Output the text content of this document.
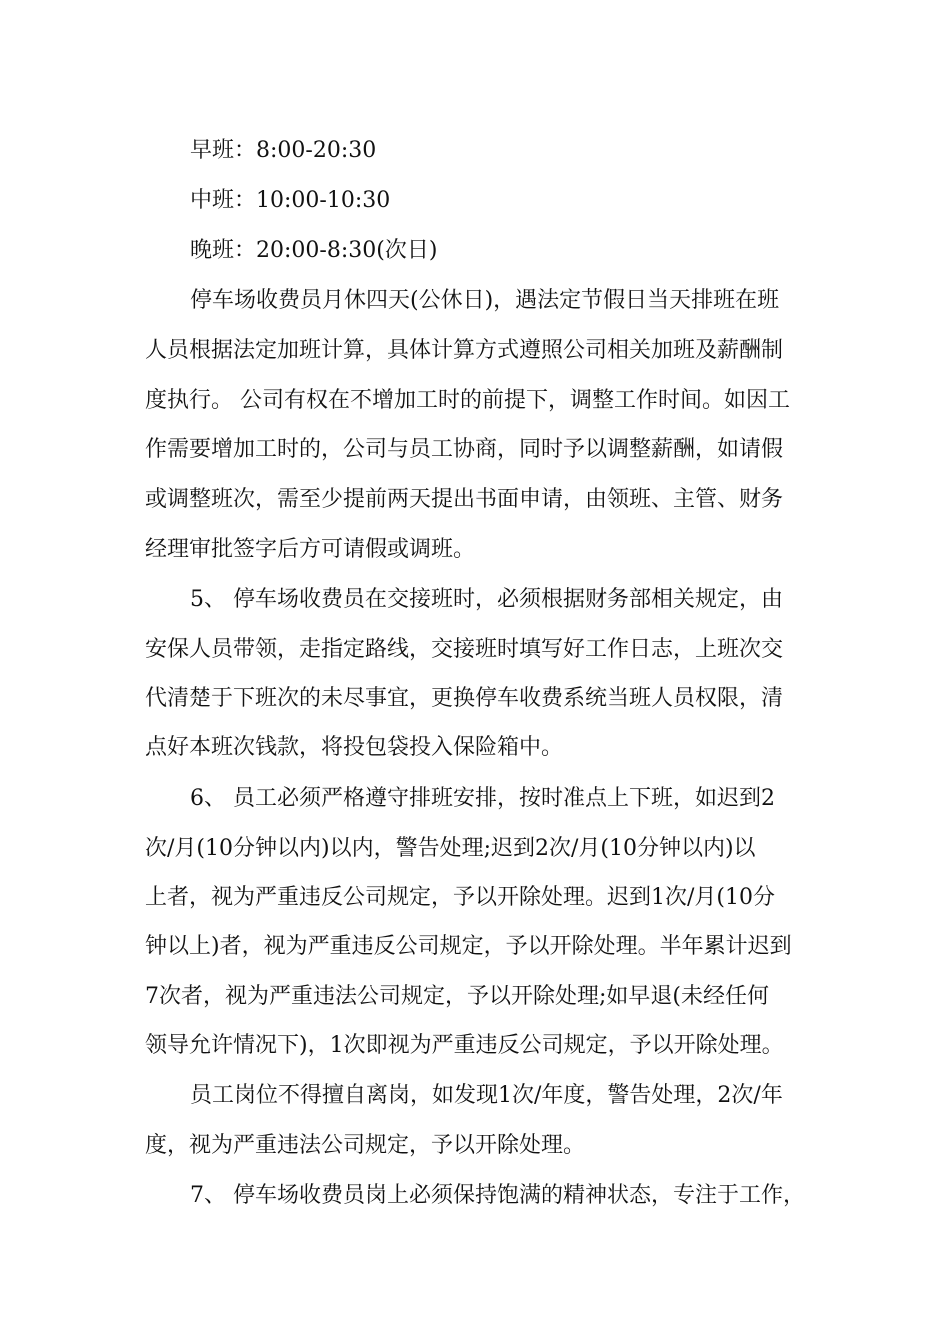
早班：8:00-20:30
中班：10:00-10:30
晚班：20:00-8:30(次日)
停车场收费员月休四天(公休日)，遇法定节假日当天排班在班
人员根据法定加班计算，具体计算方式遵照公司相关加班及薪酬制
度执行。 公司有权在不增加工时的前提下，调整工作时间。如因工
作需要增加工时的，公司与员工协商，同时予以调整薪酬，如请假
或调整班次，需至少提前两天提出书面申请，由领班、主管、财务
经理审批签字后方可请假或调班。
5、 停车场收费员在交接班时，必须根据财务部相关规定，由
安保人员带领，走指定路线，交接班时填写好工作日志，上班次交
代清楚于下班次的未尽事宜，更换停车收费系统当班人员权限，清
点好本班次钱款，将投包袋投入保险箱中。
6、 员工必须严格遵守排班安排，按时准点上下班，如迟到2
次/月(10分钟以内)以内，警告处理;迟到2次/月(10分钟以内)以
上者，视为严重违反公司规定，予以开除处理。迟到1次/月(10分
钟以上)者，视为严重违反公司规定，予以开除处理。半年累计迟到
7次者，视为严重违法公司规定，予以开除处理;如早退(未经任何
领导允许情况下)，1次即视为严重违反公司规定，予以开除处理。
员工岗位不得擅自离岗，如发现1次/年度，警告处理，2次/年
度，视为严重违法公司规定，予以开除处理。
7、 停车场收费员岗上必须保持饱满的精神状态，专注于工作，
